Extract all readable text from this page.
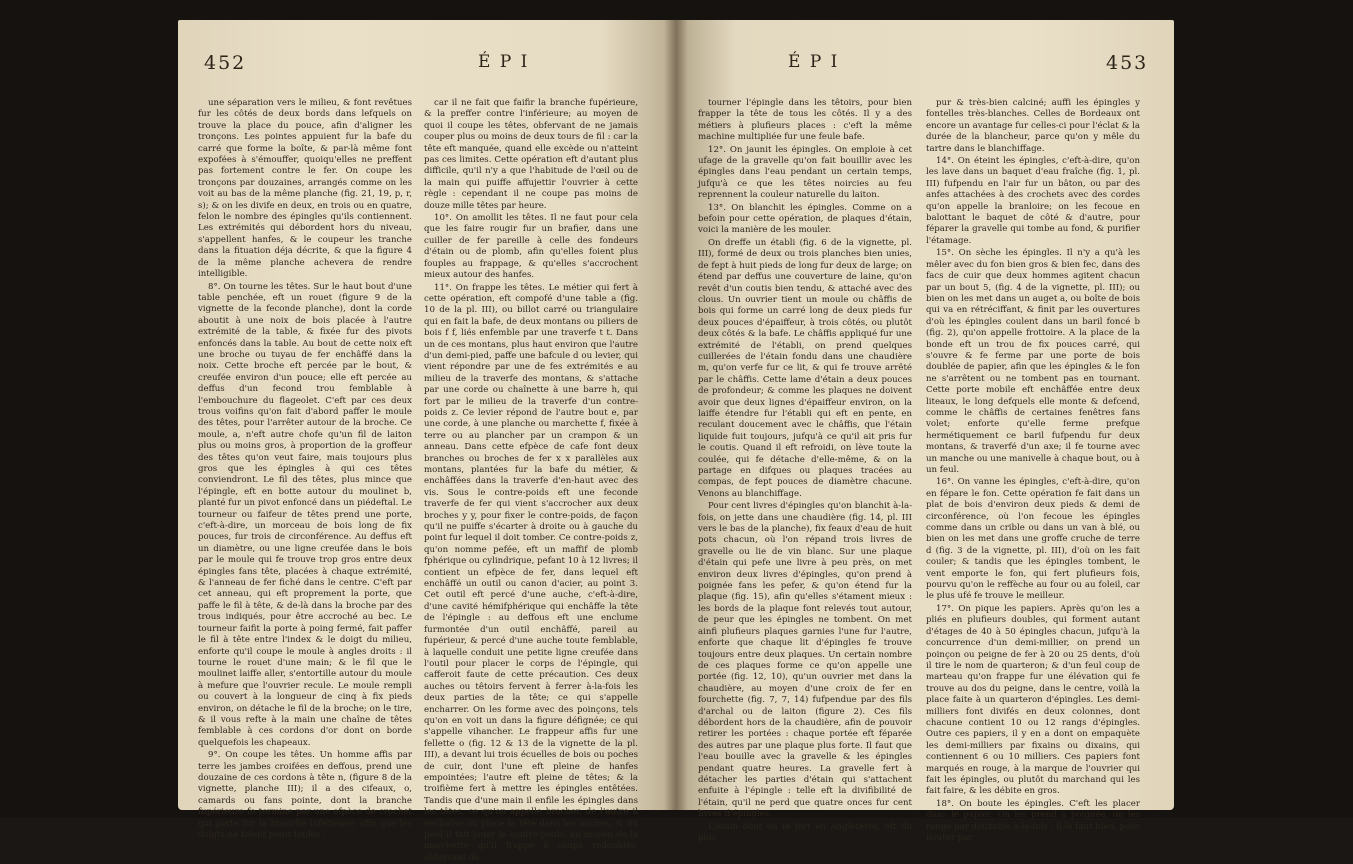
452	É P I

une séparation vers le milieu, & font revêtues fur les côtés de deux bords dans lefquels on trouve la place du pouce, afin d'aligner les tronçons. Les pointes appuient fur la bafe du carré que forme la boîte, & par-là même font expofées à s'émouffer, quoiqu'elles ne preffent pas fortement contre le fer. On coupe les tronçons par douzaines, arrangés comme on les voit au bas de la même planche (fig. 21, 19, p, r, s); & on les divife en deux, en trois ou en quatre, felon le nombre des épingles qu'ils contiennent. Les extrémités qui débordent hors du niveau, s'appellent hanfes, & le coupeur les tranche dans la fituation déja décrite, & que la figure 4 de la même planche achevera de rendre intelligible.

8°. On tourne les têtes. Sur le haut bout d'une table penchée, eft un rouet (figure 9 de la vignette de la feconde planche), dont la corde aboutit à une noix de bois placée à l'autre extrémité de la table, & fixée fur des pivots enfoncés dans la table. Au bout de cette noix eft une broche ou tuyau de fer enchâffé dans la noix. Cette broche eft percée par le bout, & creufée environ d'un pouce; elle eft percée au deffus d'un fecond trou femblable à l'embouchure du flageolet. C'eft par ces deux trous voifins qu'on fait d'abord paffer le moule des têtes, pour l'arrêter autour de la broche. Ce moule, a, n'eft autre chofe qu'un fil de laiton plus ou moins gros, à proportion de la groffeur des têtes qu'on veut faire, mais toujours plus gros que les épingles à qui ces têtes conviendront. Le fil des têtes, plus mince que l'épingle, eft en botte autour du moulinet b, planté fur un pivot enfoncé dans un piédeftal. Le tourneur ou faifeur de têtes prend une porte, c'eft-à-dire, un morceau de bois long de fix pouces, fur trois de circonférence. Au deffus eft un diamètre, ou une ligne creufée dans le bois par le moule qui fe trouve trop gros entre deux épingles fans tête, placées à chaque extrémité, & l'anneau de fer fiché dans le centre. C'eft par cet anneau, qui eft proprement la porte, que paffe le fil à tête, & de-là dans la broche par des trous indiqués, pour être accroché au bec. Le tourneur faifit la porte à poing fermé, fait paffer le fil à tête entre l'index & le doigt du milieu, enforte qu'il coupe le moule à angles droits : il tourne le rouet d'une main; & le fil que le moulinet laiffe aller, s'entortille autour du moule à mefure que l'ouvrier recule. Le moule rempli ou couvert à la longueur de cinq à fix pieds environ, on détache le fil de la broche; on le tire, & il vous refte à la main une chaîne de têtes femblable à ces cordons d'or dont on borde quelquefois les chapeaux.

9°. On coupe les têtes. Un homme affis par terre les jambes croifées en deffous, prend une douzaine de ces cordons à tête n, (figure 8 de la vignette, planche III); il a des cifeaux, o, camards ou fans pointe, dont la branche fupérieure fe termine par une efpèce de crochet qui porte fur la branche inférieure, afin que les doigts ne foient point foulés :

car il ne fait que faifir la branche fupérieure, & la preffer contre l'inférieure; au moyen de quoi il coupe les têtes, obfervant de ne jamais couper plus ou moins de deux tours de fil : car la tête eft manquée, quand elle excède ou n'atteint pas ces limites. Cette opération eft d'autant plus difficile, qu'il n'y a que l'habitude de l'œil ou de la main qui puiffe affujettir l'ouvrier à cette règle : cependant il ne coupe pas moins de douze mille têtes par heure.

10°. On amollit les têtes. Il ne faut pour cela que les faire rougir fur un brafier, dans une cuiller de fer pareille à celle des fondeurs d'étain ou de plomb, afin qu'elles foient plus fouples au frappage, & qu'elles s'accrochent mieux autour des hanfes.

11°. On frappe les têtes. Le métier qui fert à cette opération, eft compofé d'une table a (fig. 10 de la pl. III), ou billot carré ou triangulaire qui en fait la bafe, de deux montans ou piliers de bois f f, liés enfemble par une traverfe t t. Dans un de ces montans, plus haut environ que l'autre d'un demi-pied, paffe une bafcule d ou levier, qui vient répondre par une de fes extrémités e au milieu de la traverfe des montans, & s'attache par une corde ou chaînette à une barre h, qui fort par le milieu de la traverfe d'un contre-poids z. Ce levier répond de l'autre bout e, par une corde, à une planche ou marchette f, fixée à terre ou au plancher par un crampon & un anneau. Dans cette efpèce de cafe font deux branches ou broches de fer x x parallèles aux montans, plantées fur la bafe du métier, & enchâffées dans la traverfe d'en-haut avec des vis. Sous le contre-poids eft une feconde traverfe de fer qui vient s'accrocher aux deux broches y y, pour fixer le contre-poids, de façon qu'il ne puiffe s'écarter à droite ou à gauche du point fur lequel il doit tomber. Ce contre-poids z, qu'on nomme pefée, eft un maffif de plomb fphérique ou cylindrique, pefant 10 à 12 livres; il contient un efpèce de fer, dans lequel eft enchâffé un outil ou canon d'acier, au point 3. Cet outil eft percé d'une auche, c'eft-à-dire, d'une cavité hémifphérique qui enchâffe la tête de l'épingle : au deffous eft une enclume furmontée d'un outil enchâffé, pareil au fupérieur, & percé d'une auche toute femblable, à laquelle conduit une petite ligne creufée dans l'outil pour placer le corps de l'épingle, qui cafferoit faute de cette précaution. Ces deux auches ou têtoirs fervent à ferrer à-la-fois les deux parties de la tête; ce qui s'appelle encharrer. On les forme avec des poinçons, tels qu'on en voit un dans la figure défignée; ce qui s'appelle vihancher. Le frappeur affis fur une fellette o (fig. 12 & 13 de la vignette de la pl. III), a devant lui trois écuelles de bois ou poches de cuir, dont l'une eft pleine de hanfes empointées; l'autre eft pleine de têtes; & la troifième fert à mettre les épingles entêtées. Tandis que d'une main il enfile les épingles dans les têtes, ce qu'on appelle brocher, de l'autre il enchaîne ou place la tête dans les auches, & du pied il fait jouer le contre-poids, au moyen de la marchette qu'il frappe à coups redoublés, obfervant de

É P I	453

tourner l'épingle dans les têtoirs, pour bien frapper la tête de tous les côtés. Il y a des métiers à plufieurs places : c'eft la même machine multipliée fur une feule bafe.

12°. On jaunit les épingles. On emploie à cet ufage de la gravelle qu'on fait bouillir avec les épingles dans l'eau pendant un certain temps, jufqu'à ce que les têtes noircies au feu reprennent la couleur naturelle du laiton.

13°. On blanchit les épingles. Comme on a befoin pour cette opération, de plaques d'étain, voici la manière de les mouler.

On dreffe un établi (fig. 6 de la vignette, pl. III), formé de deux ou trois planches bien unies, de fept à huit pieds de long fur deux de large; on étend par deffus une couverture de laine, qu'on revêt d'un coutis bien tendu, & attaché avec des clous. Un ouvrier tient un moule ou châffis de bois qui forme un carré long de deux pieds fur deux pouces d'épaiffeur, à trois côtés, ou plutôt deux côtés & la bafe. Le châffis appliqué fur une extrémité de l'établi, on prend quelques cuillerées de l'étain fondu dans une chaudière m, qu'on verfe fur ce lit, & qui fe trouve arrêté par le châffis. Cette lame d'étain a deux pouces de profondeur; & comme les plaques ne doivent avoir que deux lignes d'épaiffeur environ, on la laiffe étendre fur l'établi qui eft en pente, en reculant doucement avec le châffis, que l'étain liquide fuit toujours, jufqu'à ce qu'il ait pris fur le coutis. Quand il eft refroidi, on lève toute la coulée, qui fe détache d'elle-même, & on la partage en difques ou plaques tracées au compas, de fept pouces de diamètre chacune. Venons au blanchiffage.

Pour cent livres d'épingles qu'on blanchit à-la-fois, on jette dans une chaudière (fig. 14, pl. III vers le bas de la planche), fix feaux d'eau de huit pots chacun, où l'on répand trois livres de gravelle ou lie de vin blanc. Sur une plaque d'étain qui pefe une livre à peu près, on met environ deux livres d'épingles, qu'on prend à poignée fans les pefer, & qu'on étend fur la plaque (fig. 15), afin qu'elles s'étament mieux : les bords de la plaque font relevés tout autour, de peur que les épingles ne tombent. On met ainfi plufieurs plaques garnies l'une fur l'autre, enforte que chaque lit d'épingles fe trouve toujours entre deux plaques. Un certain nombre de ces plaques forme ce qu'on appelle une portée (fig. 12, 10), qu'un ouvrier met dans la chaudière, au moyen d'une croix de fer en fourchette (fig. 7, 7, 14) fufpendue par des fils d'archal ou de laiton (figure 2). Ces fils débordent hors de la chaudière, afin de pouvoir retirer les portées : chaque portée eft féparée des autres par une plaque plus forte. Il faut que l'eau bouille avec la gravelle & les épingles pendant quatre heures. La gravelle fert à détacher les parties d'étain qui s'attachent enfuite à l'épingle : telle eft la divifibilité de l'étain, qu'il ne perd que quatre onces fur cent livres d'épingles.

L'étain dont on fe fert en Angleterre, eft du plus

pur & très-bien calciné; auffi les épingles y fontelles très-blanches. Celles de Bordeaux ont encore un avantage fur celles-ci pour l'éclat & la durée de la blancheur, parce qu'on y mêle du tartre dans le blanchiffage.

14°. On éteint les épingles, c'eft-à-dire, qu'on les lave dans un baquet d'eau fraîche (fig. 1, pl. III) fufpendu en l'air fur un bâton, ou par des anfes attachées à des crochets avec des cordes qu'on appelle la branloire; on les fecoue en balottant le baquet de côté & d'autre, pour féparer la gravelle qui tombe au fond, & purifier l'étamage.

15°. On sèche les épingles. Il n'y a qu'à les mêler avec du fon bien gros & bien fec, dans des facs de cuir que deux hommes agitent chacun par un bout 5, (fig. 4 de la vignette, pl. III); ou bien on les met dans un auget a, ou boîte de bois qui va en rétréciffant, & finit par les ouvertures d'où les épingles coulent dans un baril foncé b (fig. 2), qu'on appelle frottoire. A la place de la bonde eft un trou de fix pouces carré, qui s'ouvre & fe ferme par une porte de bois doublée de papier, afin que les épingles & le fon ne s'arrêtent ou ne tombent pas en tournant. Cette porte mobile eft enchâffée entre deux liteaux, le long defquels elle monte & defcend, comme le châffis de certaines fenêtres fans volet; enforte qu'elle ferme prefque hermétiquement ce baril fufpendu fur deux montans, & traverfé d'un axe; il fe tourne avec un manche ou une manivelle à chaque bout, ou à un feul.

16°. On vanne les épingles, c'eft-à-dire, qu'on en fépare le fon. Cette opération fe fait dans un plat de bois d'environ deux pieds & demi de circonférence, où l'on fecoue les épingles comme dans un crible ou dans un van à blé, ou bien on les met dans une groffe cruche de terre d (fig. 3 de la vignette, pl. III), d'où on les fait couler; & tandis que les épingles tombent, le vent emporte le fon, qui fert plufieurs fois, pourvu qu'on le reffèche au four ou au foleil, car le plus ufé fe trouve le meilleur.

17°. On pique les papiers. Après qu'on les a pliés en plufieurs doubles, qui forment autant d'étages de 40 à 50 épingles chacun, jufqu'à la concurrence d'un demi-millier, on prend un poinçon ou peigne de fer à 20 ou 25 dents, d'où il tire le nom de quarteron; & d'un feul coup de marteau qu'on frappe fur une élévation qui fe trouve au dos du peigne, dans le centre, voilà la place faite à un quarteron d'épingles. Les demi-milliers font divifés en deux colonnes, dont chacune contient 10 ou 12 rangs d'épingles. Outre ces papiers, il y en a dont on empaquète les demi-milliers par fixains ou dixains, qui contiennent 6 ou 10 milliers. Ces papiers font marqués en rouge, à la marque de l'ouvrier qui fait les épingles, ou plutôt du marchand qui les fait faire, & les débite en gros.

18°. On boute les épingles. C'eft les placer dans le papier. On les prend à poignée, on les range par douzaine à-la-fois : il le faut bien, pour bouter par
